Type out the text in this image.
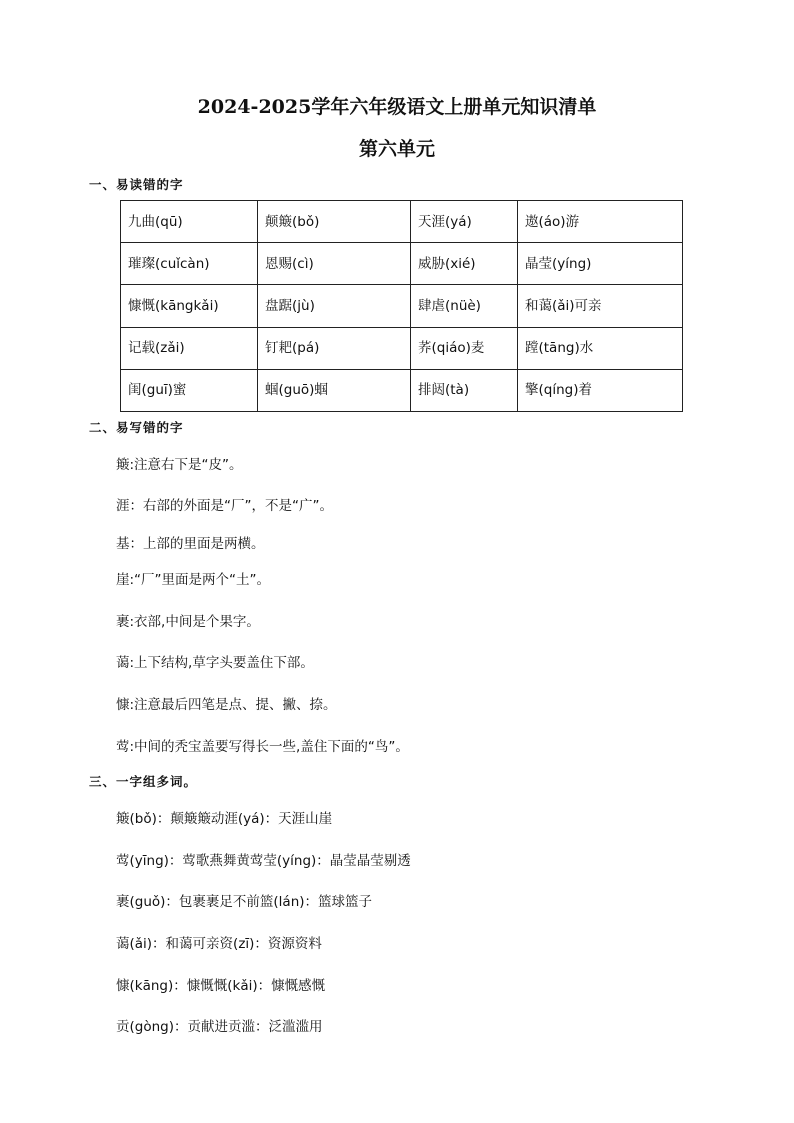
2024-2025学年六年级语文上册单元知识清单
第六单元
一、易读错的字
九曲(qū)	颠簸(bǒ)	天涯(yá)	遨(áo)游
璀璨(cuǐcàn)	恩赐(cì)	威胁(xié)	晶莹(yíng)
慷慨(kāngkǎi)	盘踞(jù)	肆虐(nüè)	和蔼(ǎi)可亲
记载(zǎi)	钉耙(pá)	荞(qiáo)麦	蹚(tāng)水
闺(guī)蜜	蝈(guō)蝈	排闼(tà)	擎(qíng)着
二、易写错的字
簸:注意右下是“皮”。
涯：右部的外面是“厂”，不是“广”。
基：上部的里面是两横。
崖:“厂”里面是两个“土”。
裹:衣部,中间是个果字。
蔼:上下结构,草字头要盖住下部。
慷:注意最后四笔是点、提、撇、捺。
莺:中间的秃宝盖要写得长一些,盖住下面的“鸟”。
三、一字组多词。
簸(bǒ)：颠簸簸动涯(yá)：天涯山崖
莺(yīng)：莺歌燕舞黄莺莹(yíng)：晶莹晶莹剔透
裹(guǒ)：包裹裹足不前篮(lán)：篮球篮子
蔼(ǎi)：和蔼可亲资(zī)：资源资料
慷(kāng)：慷慨慨(kǎi)：慷慨感慨
贡(gòng)：贡献进贡滥：泛滥滥用
